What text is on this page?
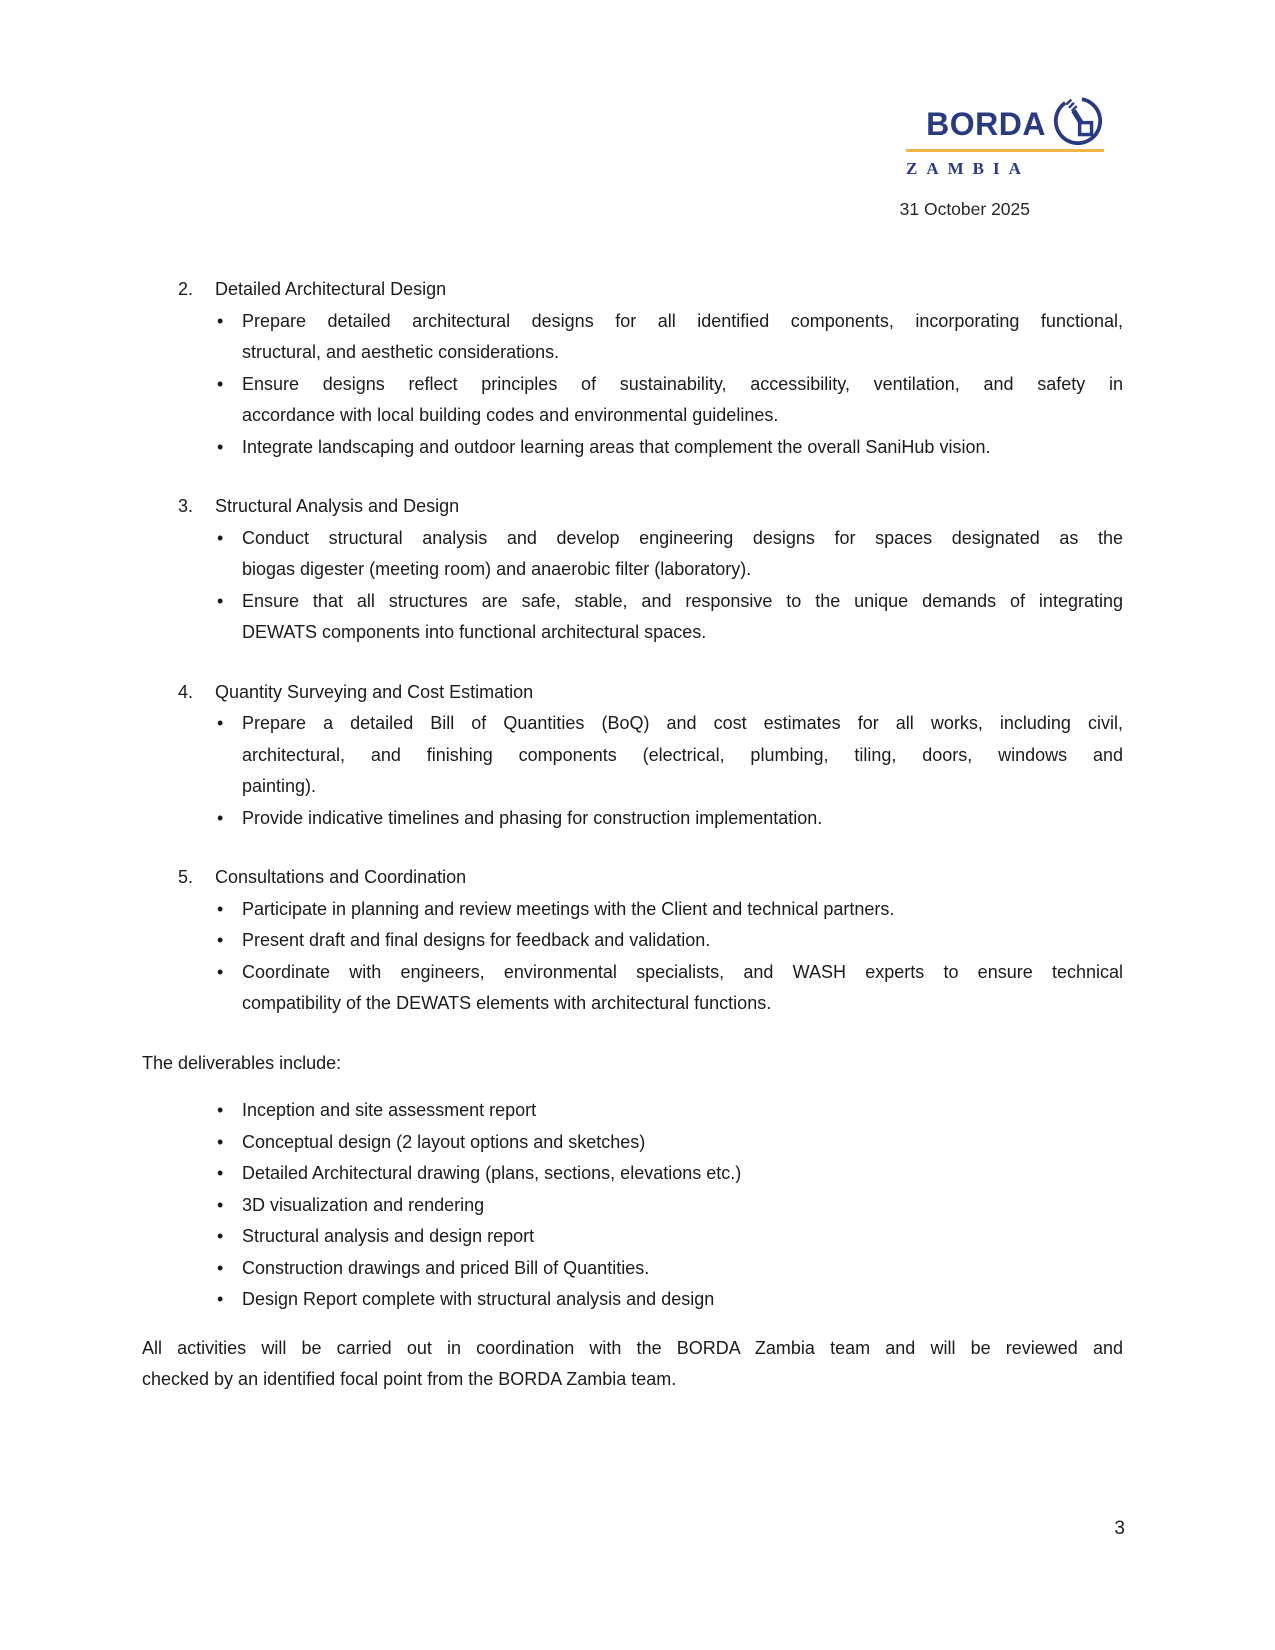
BORDA
ZAMBIA
31 October 2025
2.	Detailed Architectural Design
•	Prepare detailed architectural designs for all identified components, incorporating functional,
structural, and aesthetic considerations.
•	Ensure designs reflect principles of sustainability, accessibility, ventilation, and safety in
accordance with local building codes and environmental guidelines.
•	Integrate landscaping and outdoor learning areas that complement the overall SaniHub vision.
3.	Structural Analysis and Design
•	Conduct structural analysis and develop engineering designs for spaces designated as the
biogas digester (meeting room) and anaerobic filter (laboratory).
•	Ensure that all structures are safe, stable, and responsive to the unique demands of integrating
DEWATS components into functional architectural spaces.
4.	Quantity Surveying and Cost Estimation
•	Prepare a detailed Bill of Quantities (BoQ) and cost estimates for all works, including civil,
architectural, and finishing components (electrical, plumbing, tiling, doors, windows and
painting).
•	Provide indicative timelines and phasing for construction implementation.
5.	Consultations and Coordination
•	Participate in planning and review meetings with the Client and technical partners.
•	Present draft and final designs for feedback and validation.
•	Coordinate with engineers, environmental specialists, and WASH experts to ensure technical
compatibility of the DEWATS elements with architectural functions.
The deliverables include:
•	Inception and site assessment report
•	Conceptual design (2 layout options and sketches)
•	Detailed Architectural drawing (plans, sections, elevations etc.)
•	3D visualization and rendering
•	Structural analysis and design report
•	Construction drawings and priced Bill of Quantities.
•	Design Report complete with structural analysis and design
All activities will be carried out in coordination with the BORDA Zambia team and will be reviewed and
checked by an identified focal point from the BORDA Zambia team.
3
